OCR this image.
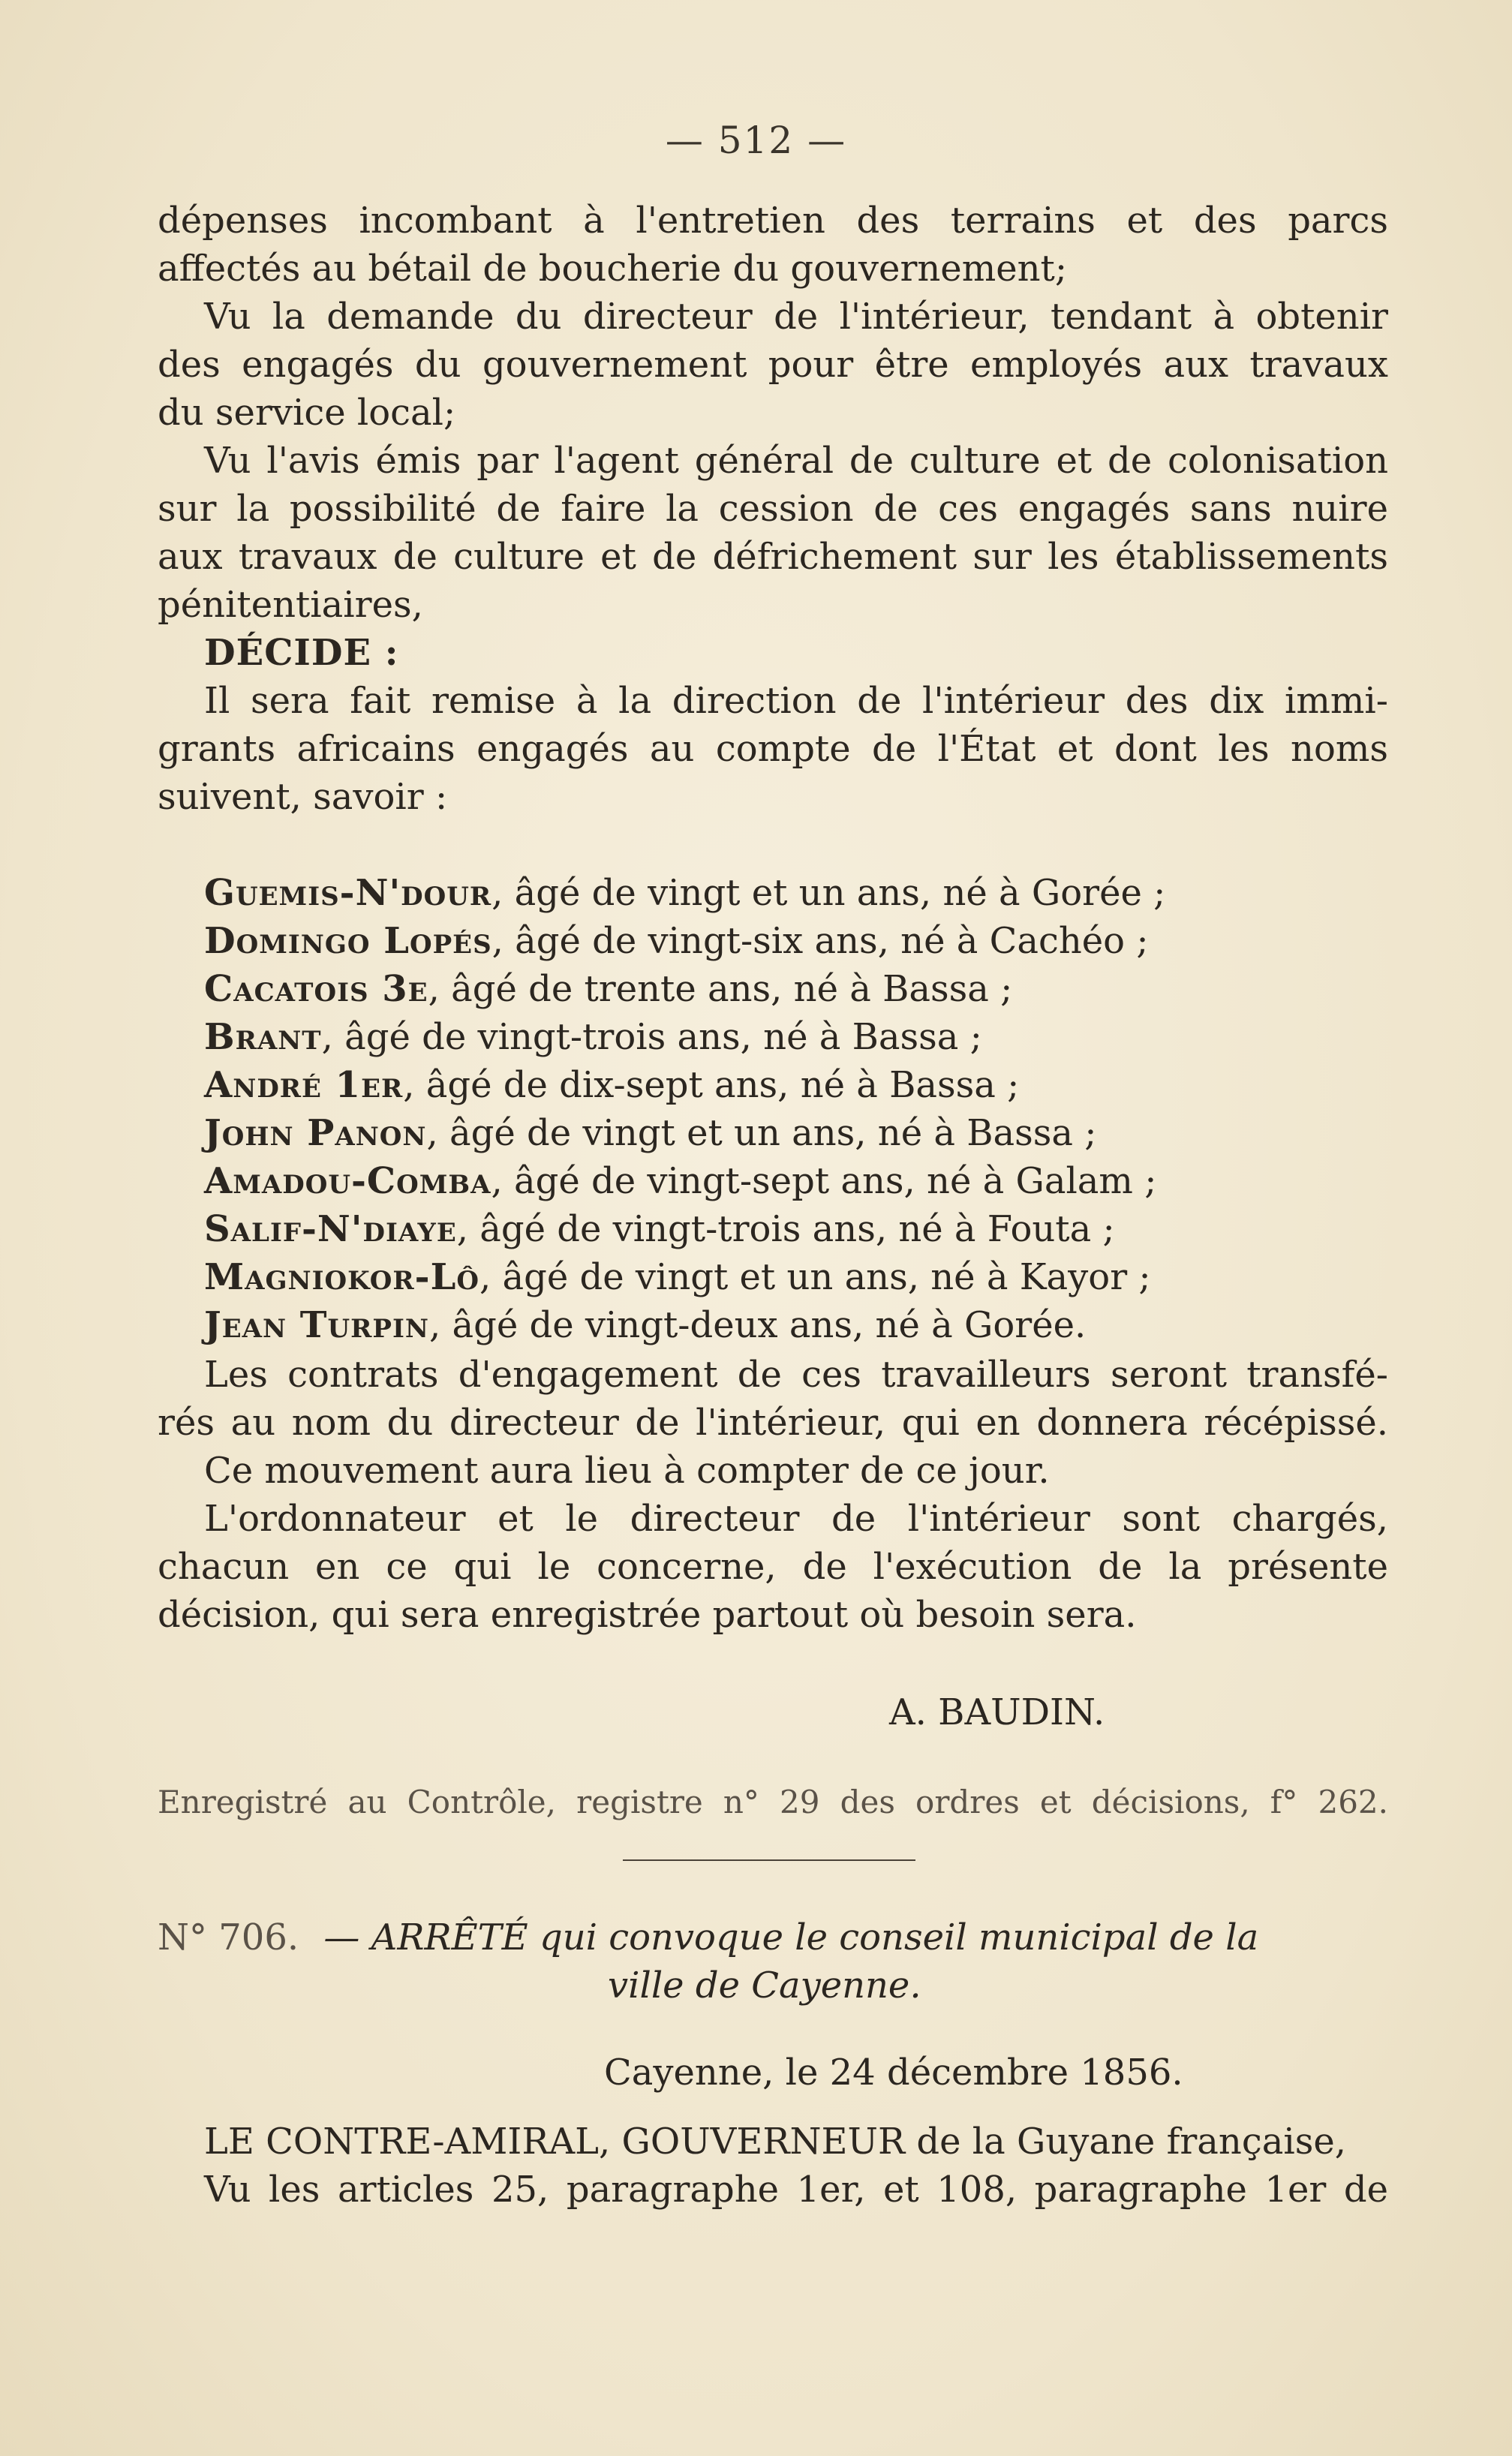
— 512 —
dépenses incombant à l'entretien des terrains et des parcs
affectés au bétail de boucherie du gouvernement;
Vu la demande du directeur de l'intérieur, tendant à obtenir
des engagés du gouvernement pour être employés aux travaux
du service local;
Vu l'avis émis par l'agent général de culture et de colonisation
sur la possibilité de faire la cession de ces engagés sans nuire
aux travaux de culture et de défrichement sur les établissements
pénitentiaires,
DÉCIDE :
Il sera fait remise à la direction de l'intérieur des dix immi-
grants africains engagés au compte de l'État et dont les noms
suivent, savoir :
Guemis-N'dour, âgé de vingt et un ans, né à Gorée ;
Domingo Lopés, âgé de vingt-six ans, né à Cachéo ;
Cacatois 3e, âgé de trente ans, né à Bassa ;
Brant, âgé de vingt-trois ans, né à Bassa ;
André 1er, âgé de dix-sept ans, né à Bassa ;
John Panon, âgé de vingt et un ans, né à Bassa ;
Amadou-Comba, âgé de vingt-sept ans, né à Galam ;
Salif-N'diaye, âgé de vingt-trois ans, né à Fouta ;
Magniokor-Lô, âgé de vingt et un ans, né à Kayor ;
Jean Turpin, âgé de vingt-deux ans, né à Gorée.
Les contrats d'engagement de ces travailleurs seront transfé-
rés au nom du directeur de l'intérieur, qui en donnera récépissé.
Ce mouvement aura lieu à compter de ce jour.
L'ordonnateur et le directeur de l'intérieur sont chargés,
chacun en ce qui le concerne, de l'exécution de la présente
décision, qui sera enregistrée partout où besoin sera.
A. BAUDIN.
Enregistré au Contrôle, registre n° 29 des ordres et décisions, f° 262.
N° 706. — ARRÊTÉ qui convoque le conseil municipal de la
ville de Cayenne.
Cayenne, le 24 décembre 1856.
LE CONTRE-AMIRAL, GOUVERNEUR de la Guyane française,
Vu les articles 25, paragraphe 1er, et 108, paragraphe 1er de
